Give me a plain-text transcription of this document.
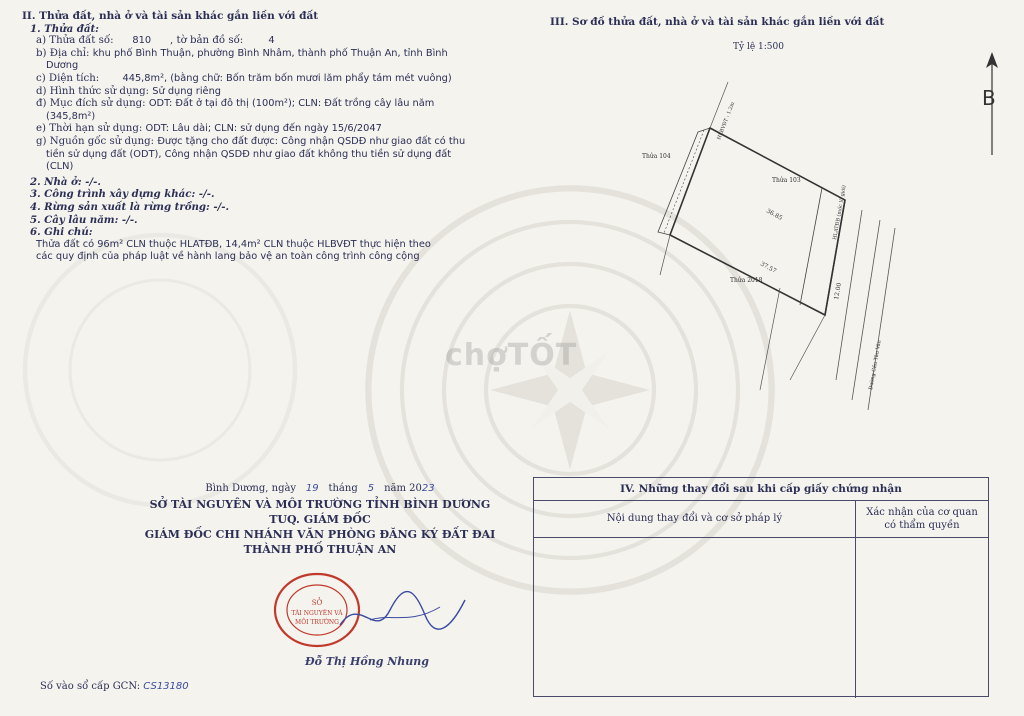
II. Thửa đất, nhà ở và tài sản khác gắn liền với đất
1. Thửa đất:
a) Thửa đất số: 810 , tờ bản đồ số:	4
b) Địa chỉ: khu phố Bình Thuận, phường Bình Nhâm, thành phố Thuận An, tỉnh Bình
Dương
c) Diện tích: 445,8m², (bằng chữ: Bốn trăm bốn mươi lăm phẩy tám mét vuông)
d) Hình thức sử dụng: Sử dụng riêng
đ) Mục đích sử dụng: ODT: Đất ở tại đô thị (100m²); CLN: Đất trồng cây lâu năm
(345,8m²)
e) Thời hạn sử dụng: ODT: Lâu dài; CLN: sử dụng đến ngày 15/6/2047
g) Nguồn gốc sử dụng: Được tặng cho đất được: Công nhận QSDĐ như giao đất có thu
tiền sử dụng đất (ODT), Công nhận QSDĐ như giao đất không thu tiền sử dụng đất
(CLN)
2. Nhà ở: -/-.
3. Công trình xây dựng khác: -/-.
4. Rừng sản xuất là rừng trồng: -/-.
5. Cây lâu năm: -/-.
6. Ghi chú:
Thửa đất có 96m² CLN thuộc HLATĐB, 14,4m² CLN thuộc HLBVĐT thực hiện theo
các quy định của pháp luật về hành lang bảo vệ an toàn công trình công cộng
III. Sơ đồ thửa đất, nhà ở và tài sản khác gắn liền với đất
Tỷ lệ 1:500
B
Thửa 104
Thửa 103
Thửa 2018
36.85
37.57
12.00
HLBVĐT : 1.2m
HLATĐB (mốc lộ giới)
Đường Cầu Tàu Ván
chợTỐT
Bình Dương, ngày 19 tháng 5 năm 2023
SỞ TÀI NGUYÊN VÀ MÔI TRƯỜNG TỈNH BÌNH DƯƠNG
TUQ. GIÁM ĐỐC
GIÁM ĐỐC CHI NHÁNH VĂN PHÒNG ĐĂNG KÝ ĐẤT ĐAI
THÀNH PHỐ THUẬN AN
SỞ
TÀI NGUYÊN VÀ
MÔI TRƯỜNG
Đỗ Thị Hồng Nhung
Số vào sổ cấp GCN: CS13180
IV. Những thay đổi sau khi cấp giấy chứng nhận
Nội dung thay đổi và cơ sở pháp lý
Xác nhận của cơ quan
có thẩm quyền
